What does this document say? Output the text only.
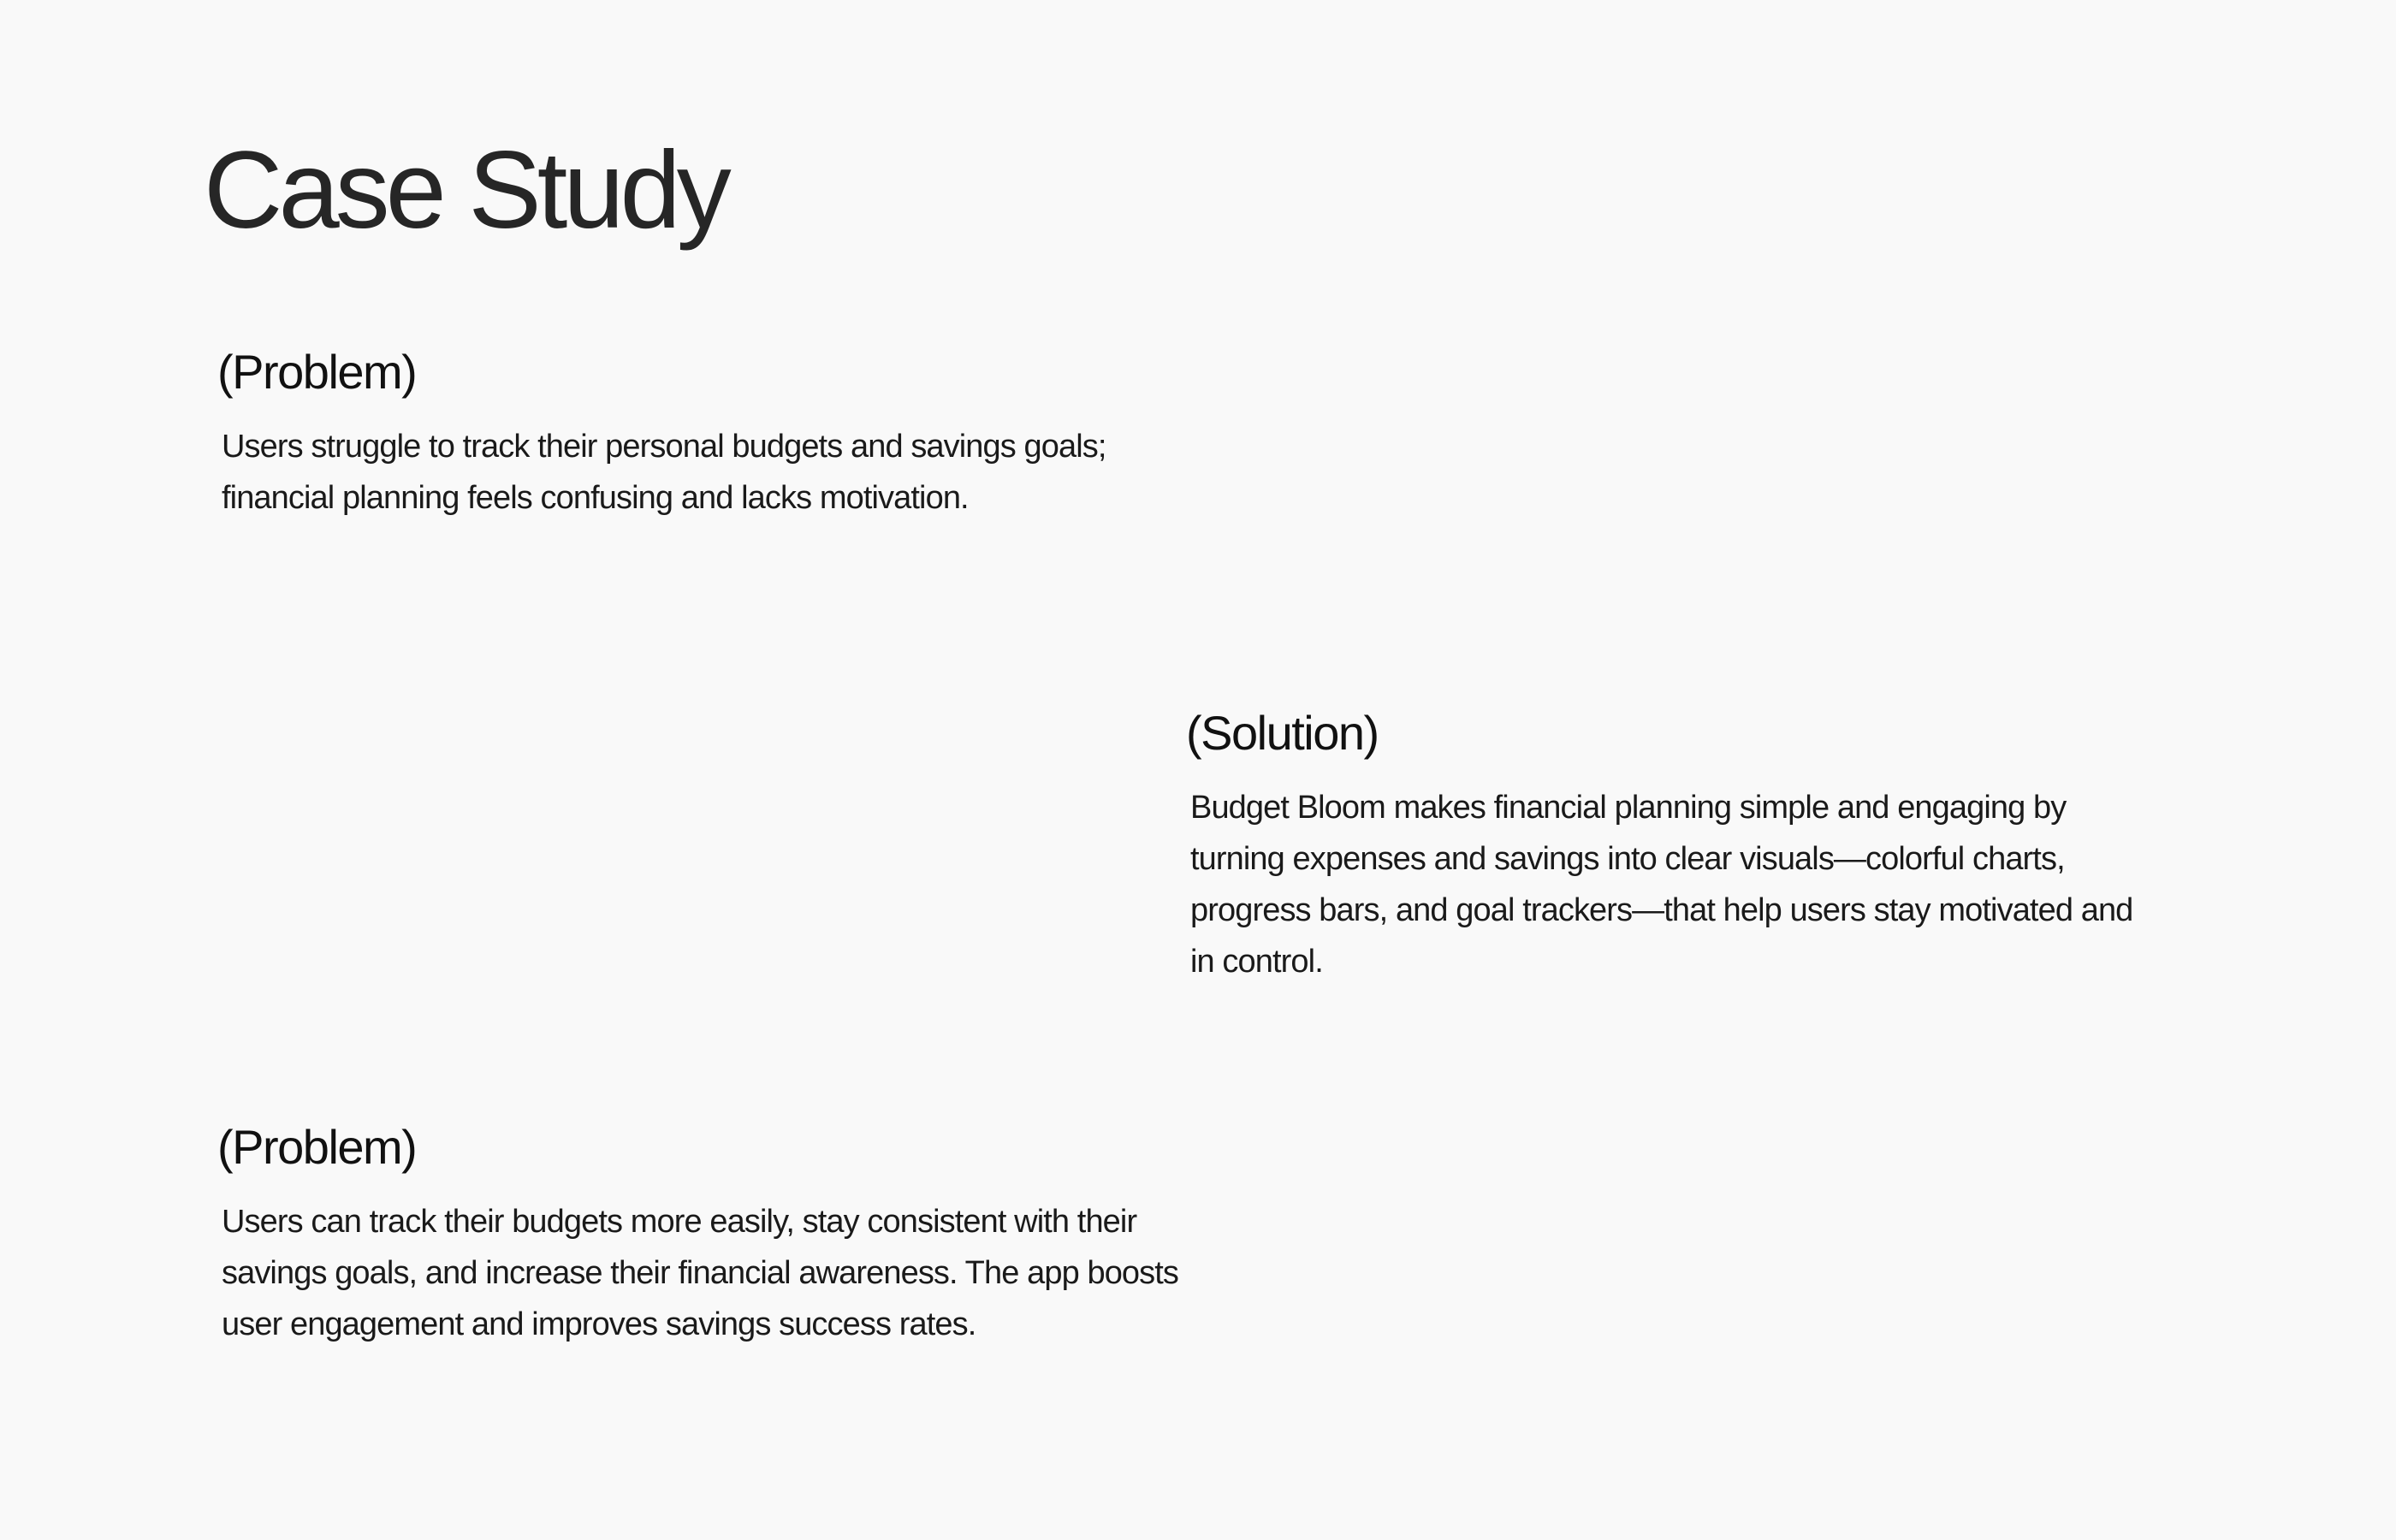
Case Study
(Problem)

Users struggle to track their personal budgets and savings goals;
financial planning feels confusing and lacks motivation.

(Solution)

Budget Bloom makes financial planning simple and engaging by
turning expenses and savings into clear visuals—colorful charts,
progress bars, and goal trackers—that help users stay motivated and
in control.

(Problem)

Users can track their budgets more easily, stay consistent with their
savings goals, and increase their financial awareness. The app boosts
user engagement and improves savings success rates.
